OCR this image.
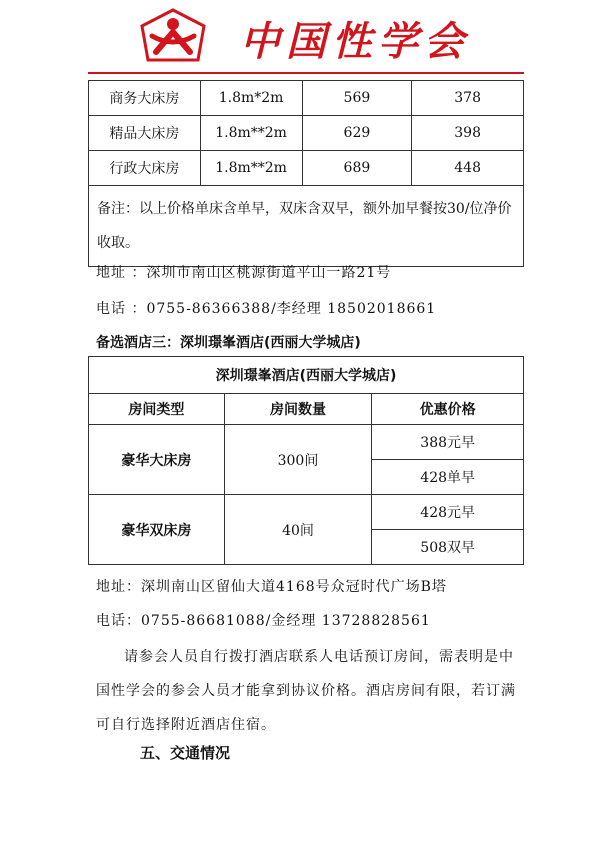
中国性学会
商务大床房	1.8m*2m	569	378
精品大床房	1.8m**2m	629	398
行政大床房	1.8m**2m	689	448
备注：以上价格单床含单早，双床含双早，额外加早餐按30/位净价收取。			
地址 ：深圳市南山区桃源街道平山一路21号
电话 ：0755-86366388/李经理 18502018661
备选酒店三：深圳璟峯酒店(西丽大学城店)
深圳璟峯酒店(西丽大学城店)		
房间类型	房间数量	优惠价格
豪华大床房	300间	388元早
		428单早
豪华双床房	40间	428元早
		508双早
地址：深圳南山区留仙大道4168号众冠时代广场B塔
电话：0755-86681088/金经理 13728828561
请参会人员自行拨打酒店联系人电话预订房间，需表明是中国性学会的参会人员才能拿到协议价格。酒店房间有限，若订满可自行选择附近酒店住宿。
五、交通情况
